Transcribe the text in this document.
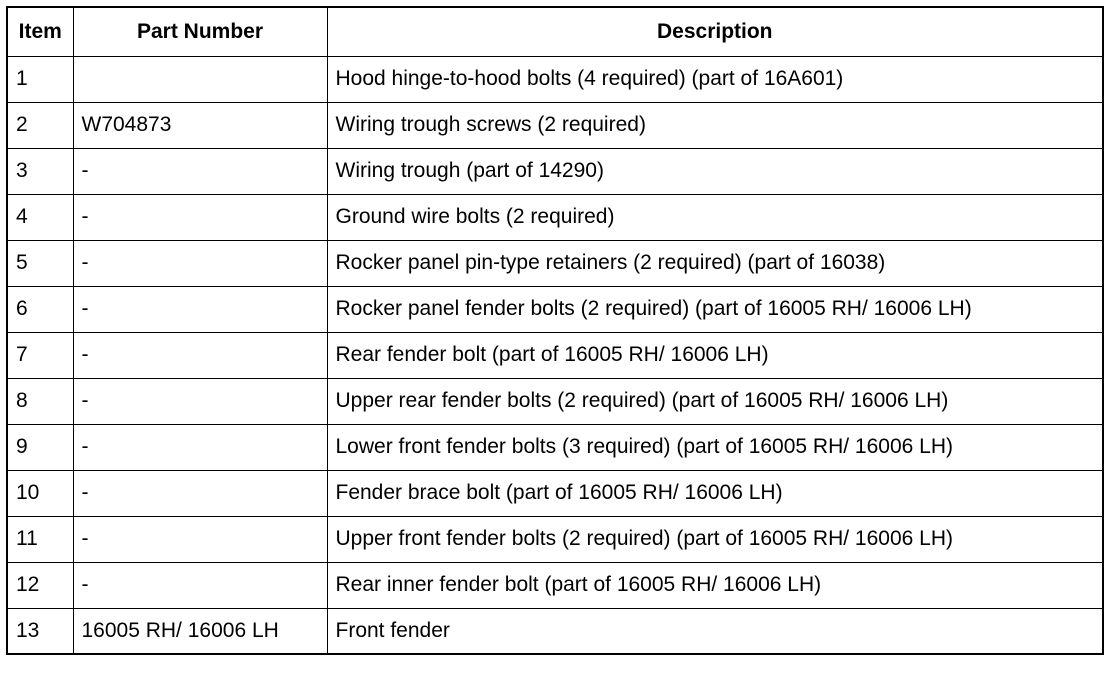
Item	Part Number	Description
1		Hood hinge-to-hood bolts (4 required) (part of 16A601)
2	W704873	Wiring trough screws (2 required)
3	-	Wiring trough (part of 14290)
4	-	Ground wire bolts (2 required)
5	-	Rocker panel pin-type retainers (2 required) (part of 16038)
6	-	Rocker panel fender bolts (2 required) (part of 16005 RH/ 16006 LH)
7	-	Rear fender bolt (part of 16005 RH/ 16006 LH)
8	-	Upper rear fender bolts (2 required) (part of 16005 RH/ 16006 LH)
9	-	Lower front fender bolts (3 required) (part of 16005 RH/ 16006 LH)
10	-	Fender brace bolt (part of 16005 RH/ 16006 LH)
11	-	Upper front fender bolts (2 required) (part of 16005 RH/ 16006 LH)
12	-	Rear inner fender bolt (part of 16005 RH/ 16006 LH)
13	16005 RH/ 16006 LH	Front fender
